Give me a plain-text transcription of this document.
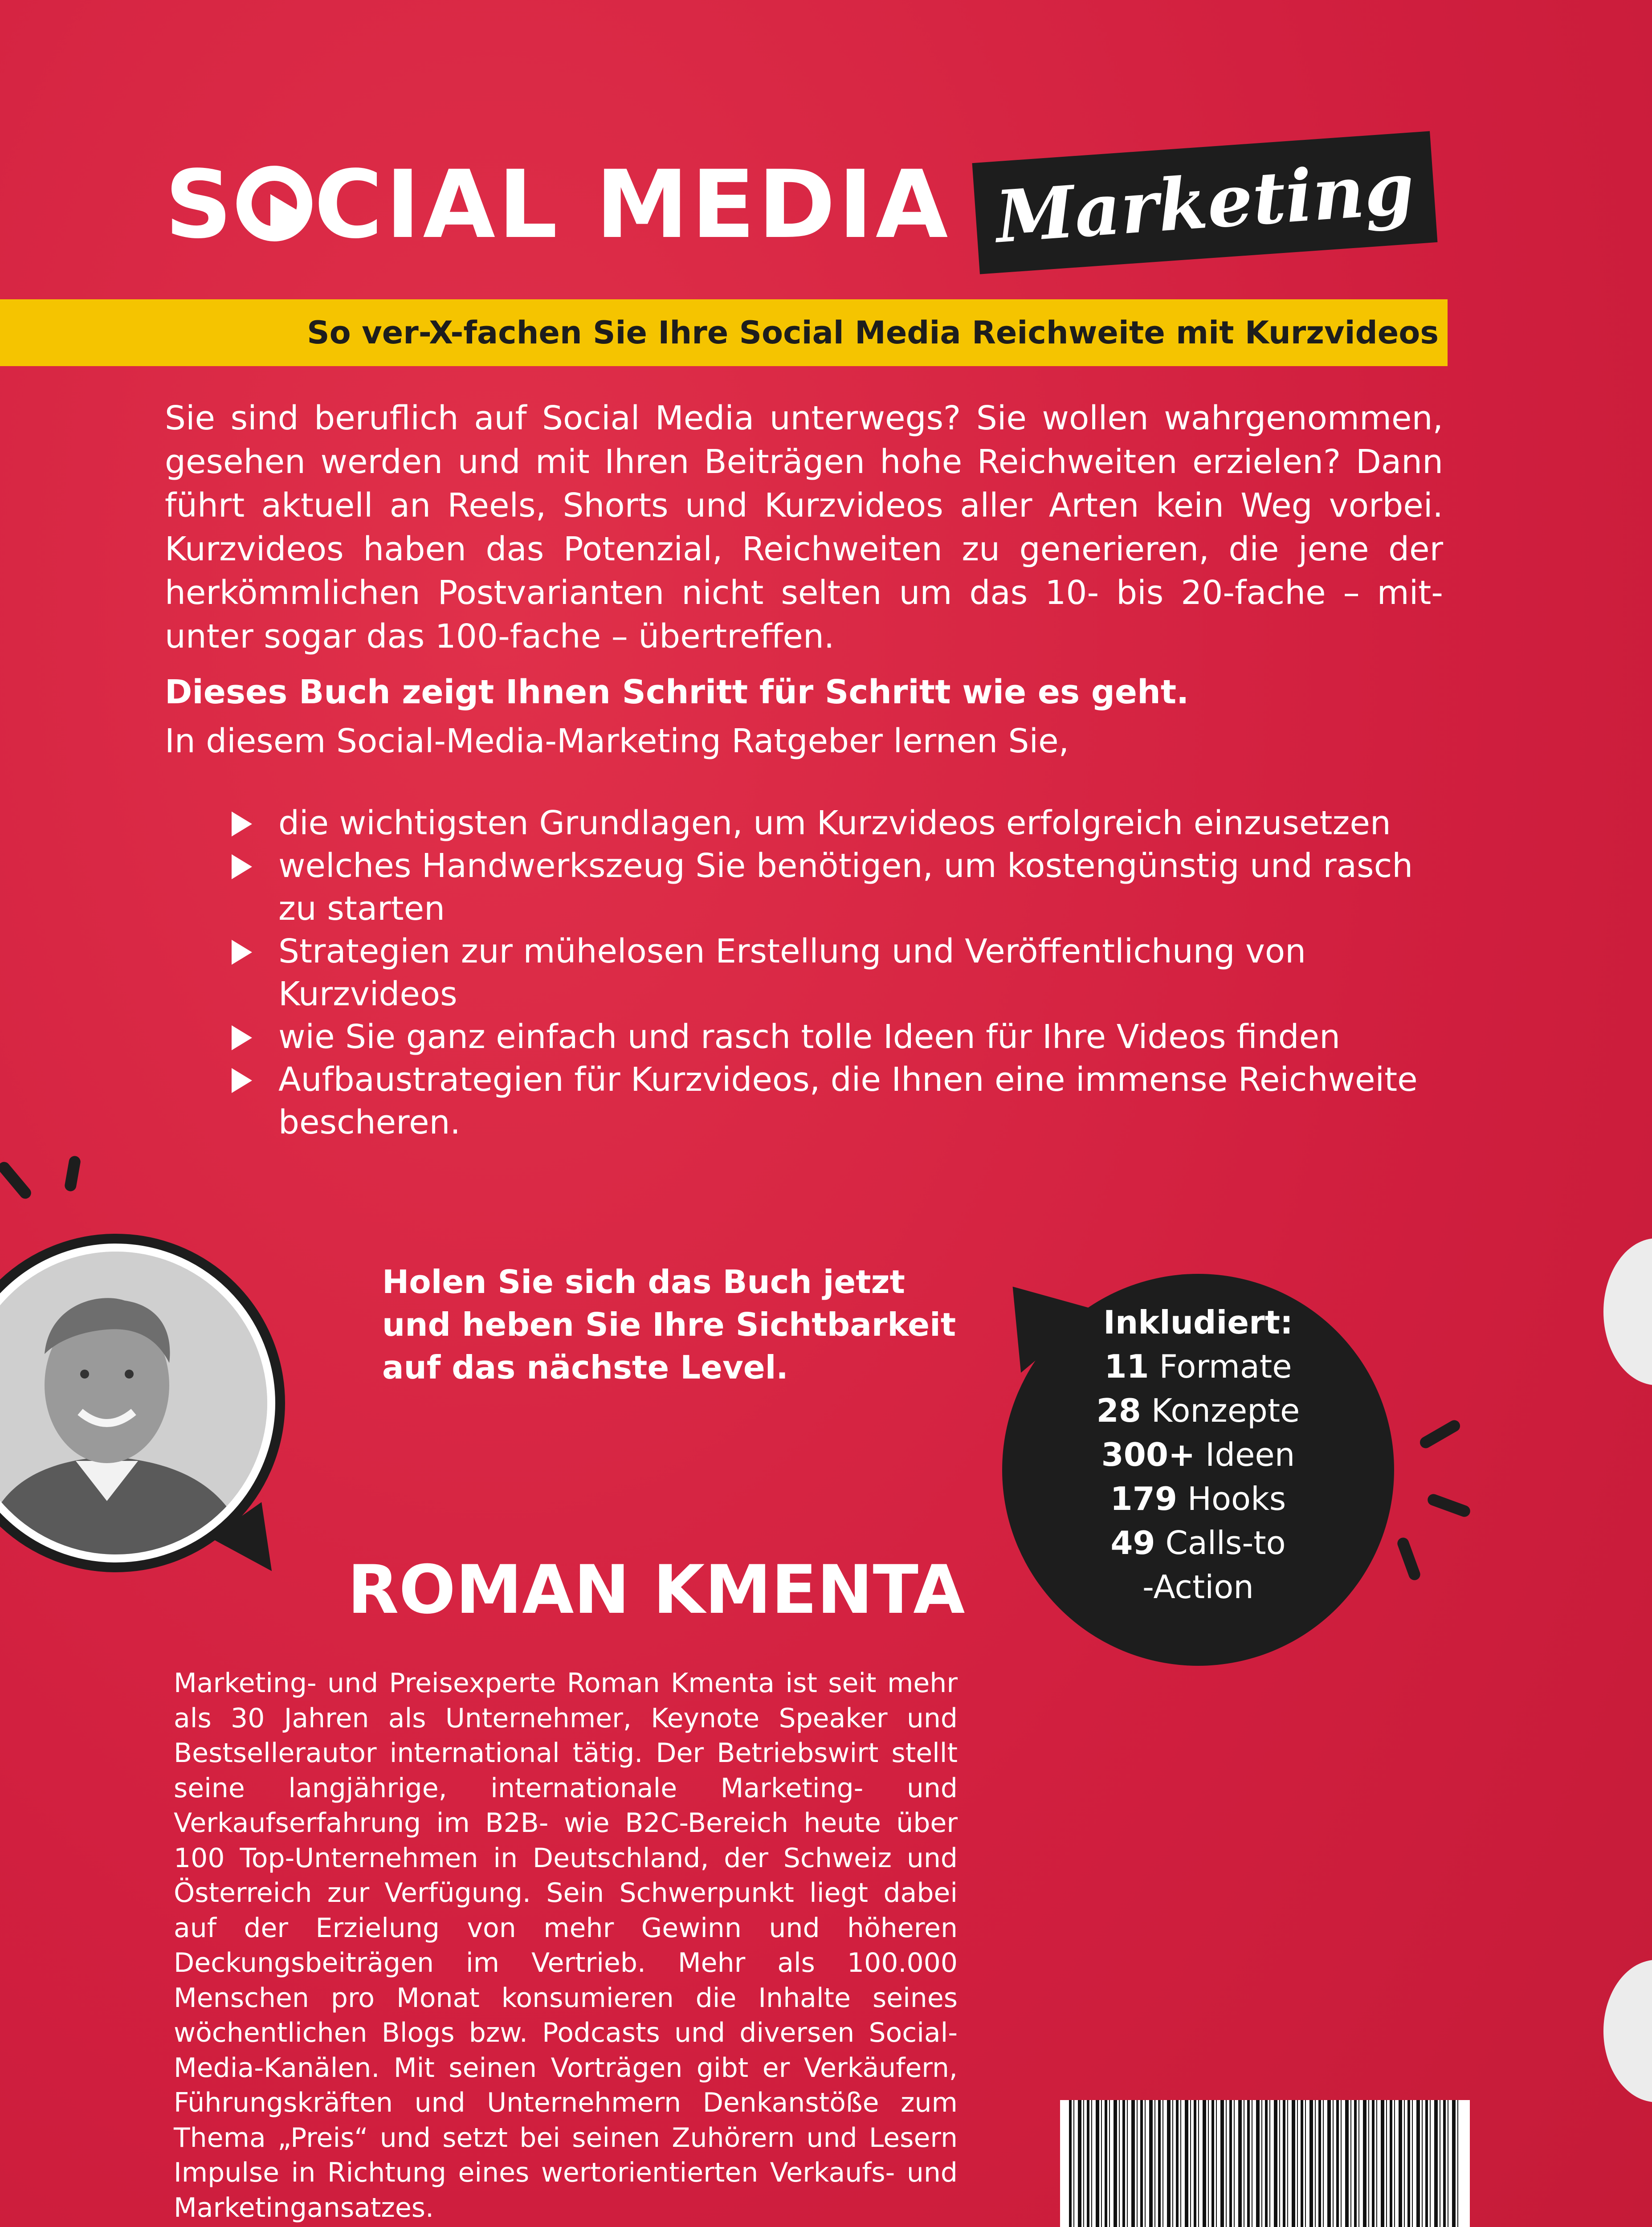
S CIAL MEDIA Marketing
So ver-X-fachen Sie Ihre Social Media Reichweite mit Kurzvideos
Sie sind beruflich auf Social Media unterwegs? Sie wollen wahrgenommen, gesehen werden und mit Ihren Beiträgen hohe Reichweiten erzielen? Dann führt aktuell an Reels, Shorts und Kurzvideos aller Arten kein Weg vorbei. Kurzvideos haben das Potenzial, Reichweiten zu generieren, die jene der herkömmlichen Postvarianten nicht selten um das 10- bis 20-fache – mit-unter sogar das 100-fache – übertreffen.
Dieses Buch zeigt Ihnen Schritt für Schritt wie es geht.
In diesem Social-Media-Marketing Ratgeber lernen Sie,
die wichtigsten Grundlagen, um Kurzvideos erfolgreich einzusetzen
welches Handwerkszeug Sie benötigen, um kostengünstig und rasch zu starten
Strategien zur mühelosen Erstellung und Veröffentlichung von Kurzvideos
wie Sie ganz einfach und rasch tolle Ideen für Ihre Videos finden
Aufbaustrategien für Kurzvideos, die Ihnen eine immense Reichweite bescheren.
Holen Sie sich das Buch jetzt und heben Sie Ihre Sichtbarkeit auf das nächste Level.
Inkludiert:
11 Formate
28 Konzepte
300+ Ideen
179 Hooks
49 Calls-to
-Action
ROMAN KMENTA
Marketing- und Preisexperte Roman Kmenta ist seit mehr als 30 Jahren als Unternehmer, Keynote Speaker und Bestsellerautor international tätig. Der Betriebswirt stellt seine langjährige, internationale Marketing- und Verkaufserfahrung im B2B- wie B2C-Bereich heute über 100 Top-Unternehmen in Deutschland, der Schweiz und Österreich zur Verfügung. Sein Schwerpunkt liegt dabei auf der Erzielung von mehr Gewinn und höheren Deckungsbeiträgen im Vertrieb. Mehr als 100.000 Menschen pro Monat konsumieren die Inhalte seines wöchentlichen Blogs bzw. Podcasts und diversen Social-Media-Kanälen. Mit seinen Vorträgen gibt er Verkäufern, Führungskräften und Unternehmern Denkanstöße zum Thema „Preis“ und setzt bei seinen Zuhörern und Lesern Impulse in Richtung eines wertorientierten Verkaufs- und Marketingansatzes.
